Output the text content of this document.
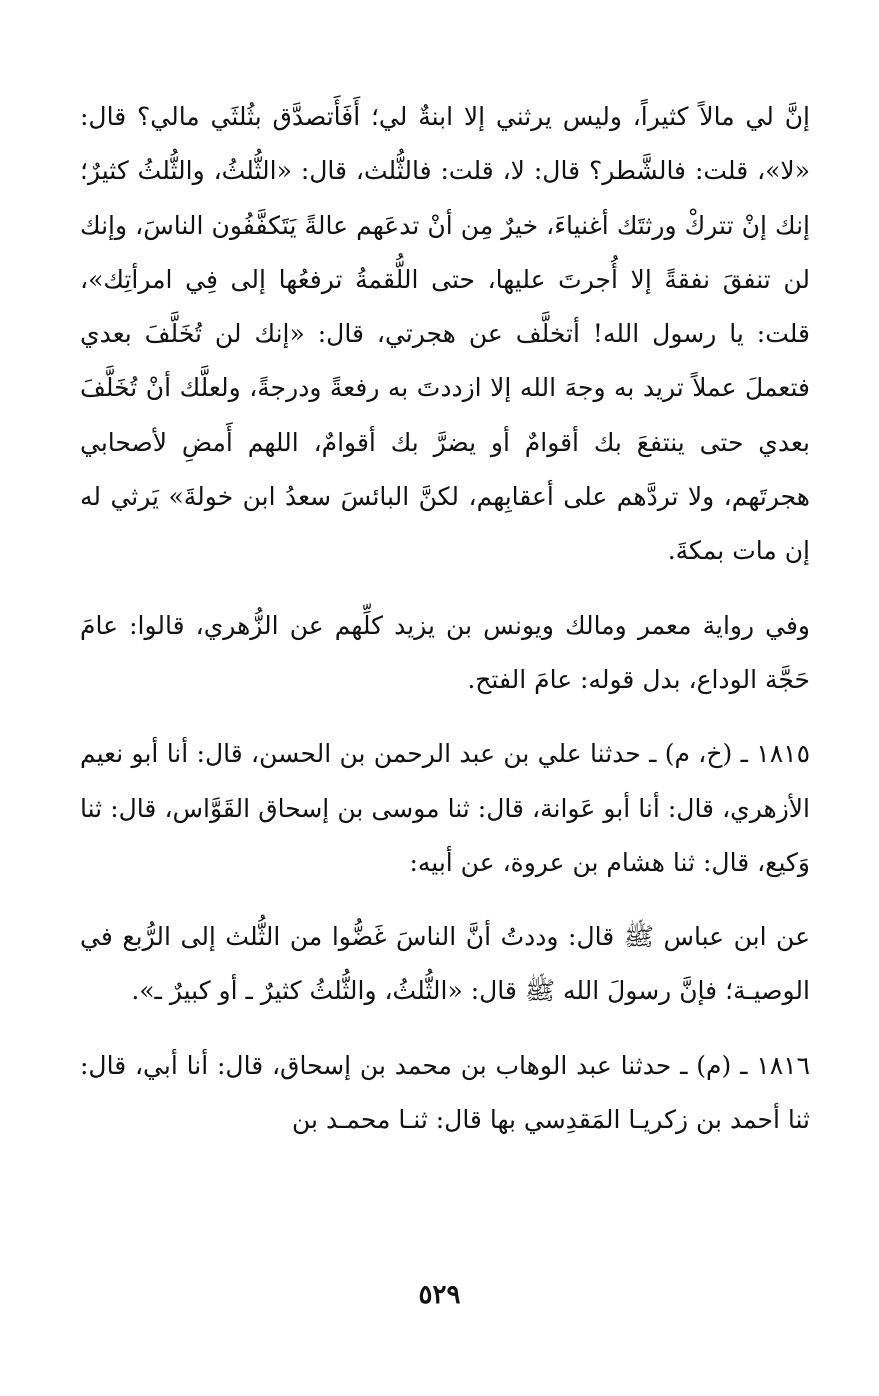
إنَّ لي مالاً كثيراً، وليس يرثني إلا ابنةٌ لي؛ أَفَأَتصدَّق بثُلثَي مالي؟ قال: «لا»، قلت: فالشَّطر؟ قال: لا، قلت: فالثُّلث، قال: «الثُّلثُ، والثُّلثُ كثيرٌ؛ إنك إنْ تتركْ ورثتَك أغنياءَ، خيرٌ مِن أنْ تدعَهم عالةً يَتَكفَّفُون الناسَ، وإنك لن تنفقَ نفقةً إلا أُجرتَ عليها، حتى اللُّقمةُ ترفعُها إلى فِي امرأتِك»، قلت: يا رسول الله! أتخلَّف عن هجرتي، قال: «إنك لن تُخَلَّفَ بعدي فتعملَ عملاً تريد به وجهَ الله إلا ازددتَ به رفعةً ودرجةً، ولعلَّك أنْ تُخَلَّفَ بعدي حتى ينتفعَ بك أقوامٌ أو يضرَّ بك أقوامٌ، اللهم أَمضِ لأصحابي هجرتَهم، ولا تردَّهم على أعقابِهم، لكنَّ البائسَ سعدُ ابن خولةَ» يَرثي له إن مات بمكةَ.

وفي رواية معمر ومالك ويونس بن يزيد كلِّهم عن الزُّهري، قالوا: عامَ حَجَّة الوداع، بدل قوله: عامَ الفتح.

١٨١٥ ـ (خ، م) ـ حدثنا علي بن عبد الرحمن بن الحسن، قال: أنا أبو نعيم الأزهري، قال: أنا أبو عَوانة، قال: ثنا موسى بن إسحاق القَوَّاس، قال: ثنا وَكيع، قال: ثنا هشام بن عروة، عن أبيه:

عن ابن عباس ﷺ قال: وددتُ أنَّ الناسَ غَضُّوا من الثُّلث إلى الرُّبع في الوصيـة؛ فإنَّ رسولَ الله ﷺ قال: «الثُّلثُ، والثُّلثُ كثيرٌ ـ أو كبيرٌ ـ».

١٨١٦ ـ (م) ـ حدثنا عبد الوهاب بن محمد بن إسحاق، قال: أنا أبي، قال: ثنا أحمد بن زكريـا المَقدِسي بها قال: ثنـا محمـد بن

٥٢٩
